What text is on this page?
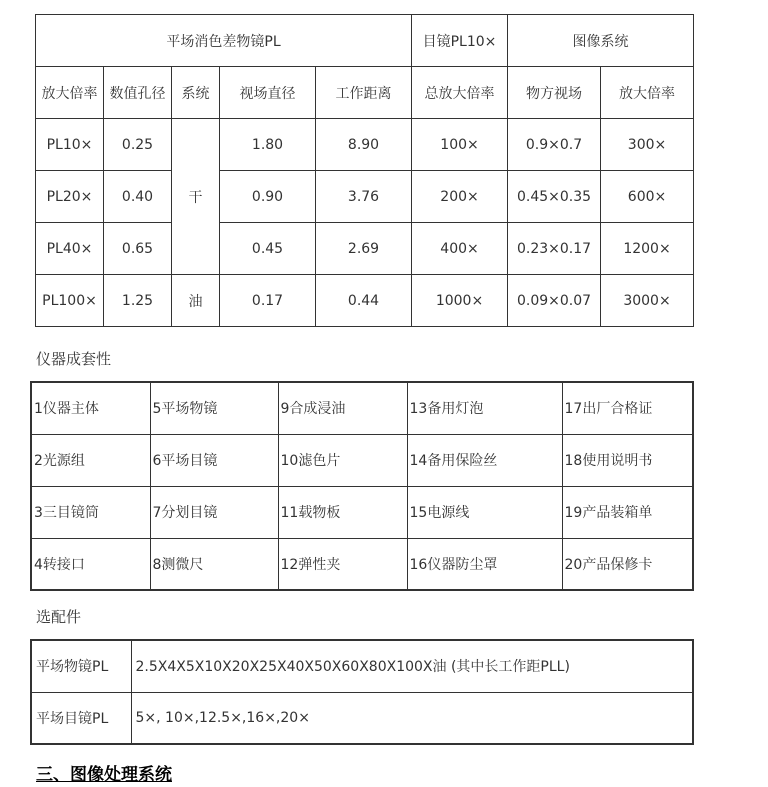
平场消色差物镜PL					目镜PL10×	图像系统	
放大倍率	数值孔径	系统	视场直径	工作距离	总放大倍率	物方视场	放大倍率
PL10×	0.25	干	1.80	8.90	100×	0.9×0.7	300×
PL20×	0.40		0.90	3.76	200×	0.45×0.35	600×
PL40×	0.65		0.45	2.69	400×	0.23×0.17	1200×
PL100×	1.25	油	0.17	0.44	1000×	0.09×0.07	3000×
仪器成套性
1仪器主体	5平场物镜	9合成浸油	13备用灯泡	17出厂合格证
2光源组	6平场目镜	10滤色片	14备用保险丝	18使用说明书
3三目镜筒	7分划目镜	11载物板	15电源线	19产品装箱单
4转接口	8测微尺	12弹性夹	16仪器防尘罩	20产品保修卡
选配件
平场物镜PL	2.5X4X5X10X20X25X40X50X60X80X100X油 (其中长工作距PLL)
平场目镜PL	5×, 10×,12.5×,16×,20×
三、图像处理系统
